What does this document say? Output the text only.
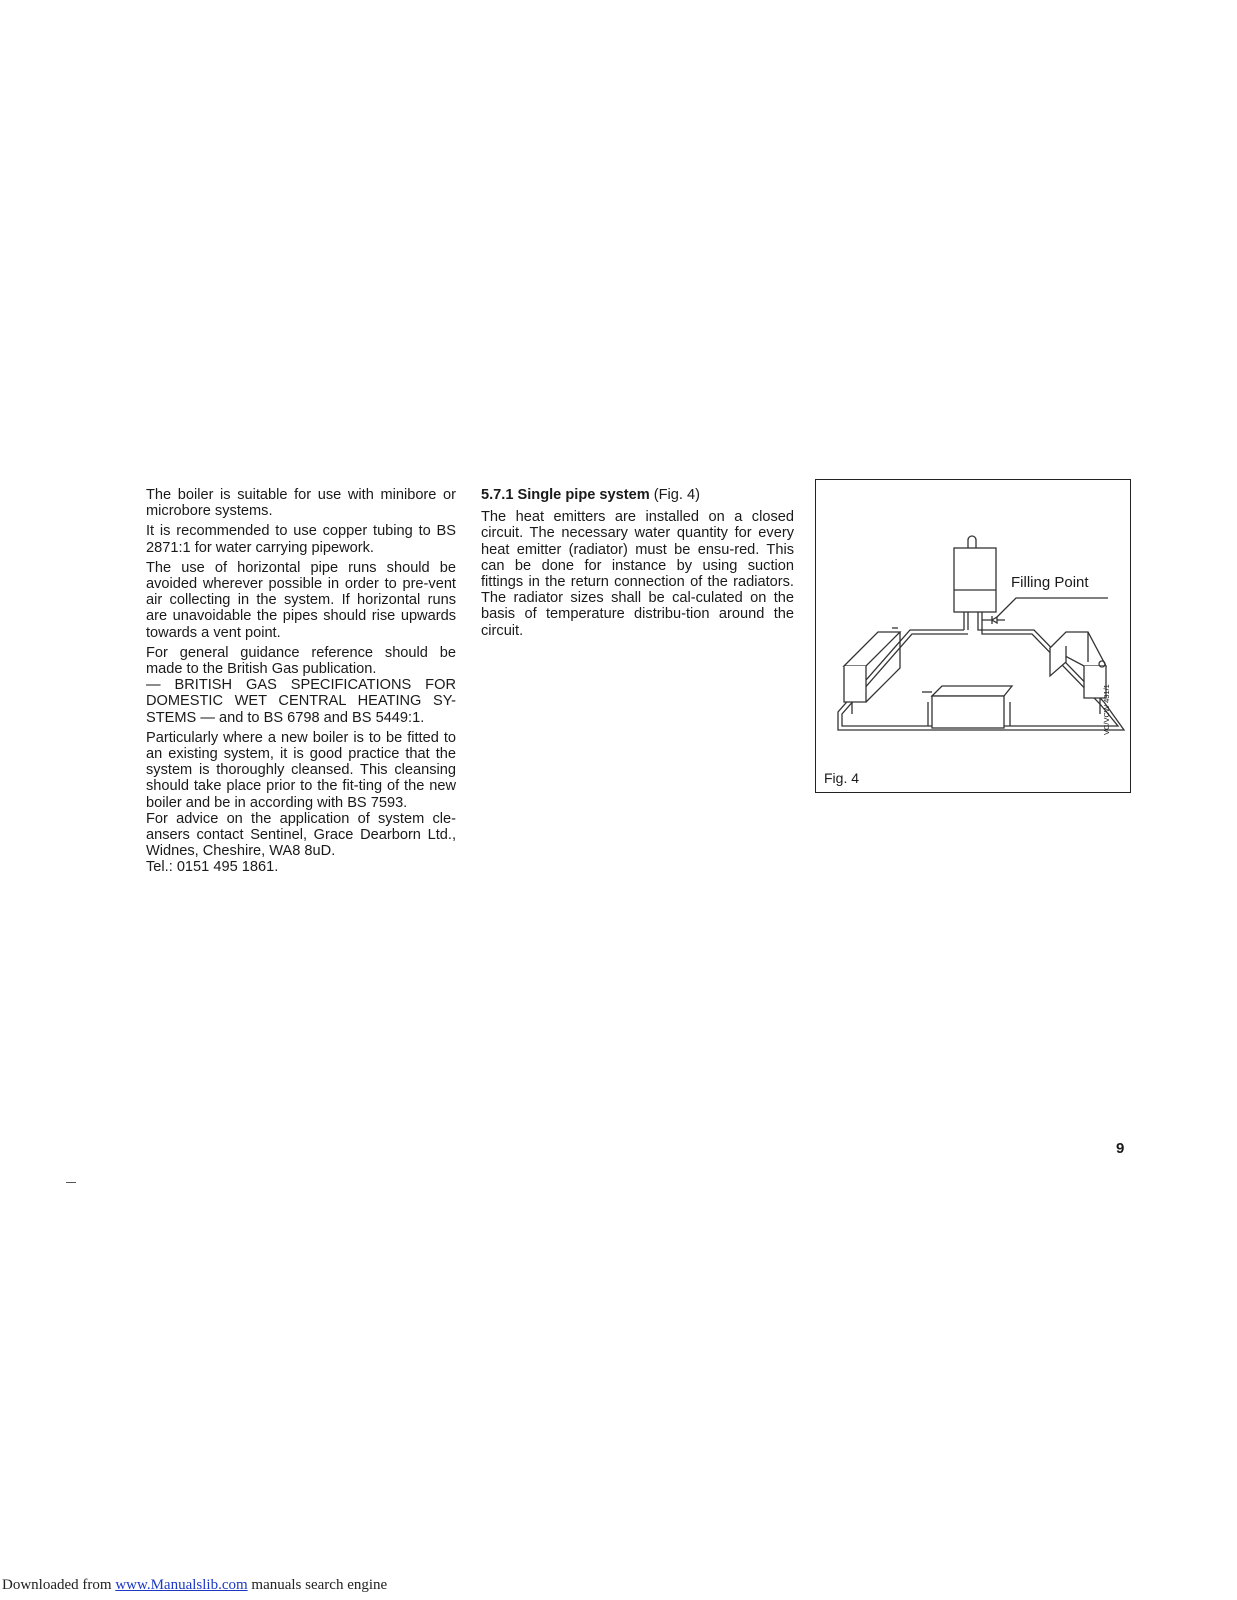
The boiler is suitable for use with minibore or microbore systems.

It is recommended to use copper tubing to BS 2871:1 for water carrying pipework.

The use of horizontal pipe runs should be avoided wherever possible in order to pre-vent air collecting in the system. If horizontal runs are unavoidable the pipes should rise upwards towards a vent point.

For general guidance reference should be made to the British Gas publication.

— BRITISH GAS SPECIFICATIONS FOR DOMESTIC WET CENTRAL HEATING SY-STEMS — and to BS 6798 and BS 5449:1.

Particularly where a new boiler is to be fitted to an existing system, it is good practice that the system is thoroughly cleansed. This cleansing should take place prior to the fit-ting of the new boiler and be in according with BS 7593.

For advice on the application of system cle-ansers contact Sentinel, Grace Dearborn Ltd., Widnes, Cheshire, WA8 8uD.

Tel.: 0151 495 1861.

5.7.1 Single pipe system (Fig. 4)

The heat emitters are installed on a closed circuit. The necessary water quantity for every heat emitter (radiator) must be ensu-red. This can be done for instance by using suction fittings in the return connection of the radiators. The radiator sizes shall be cal-culated on the basis of temperature distribu-tion around the circuit.

Filling Point
Fig. 4
VC/VCW 431/1
9
Downloaded from www.Manualslib.com manuals search engine
